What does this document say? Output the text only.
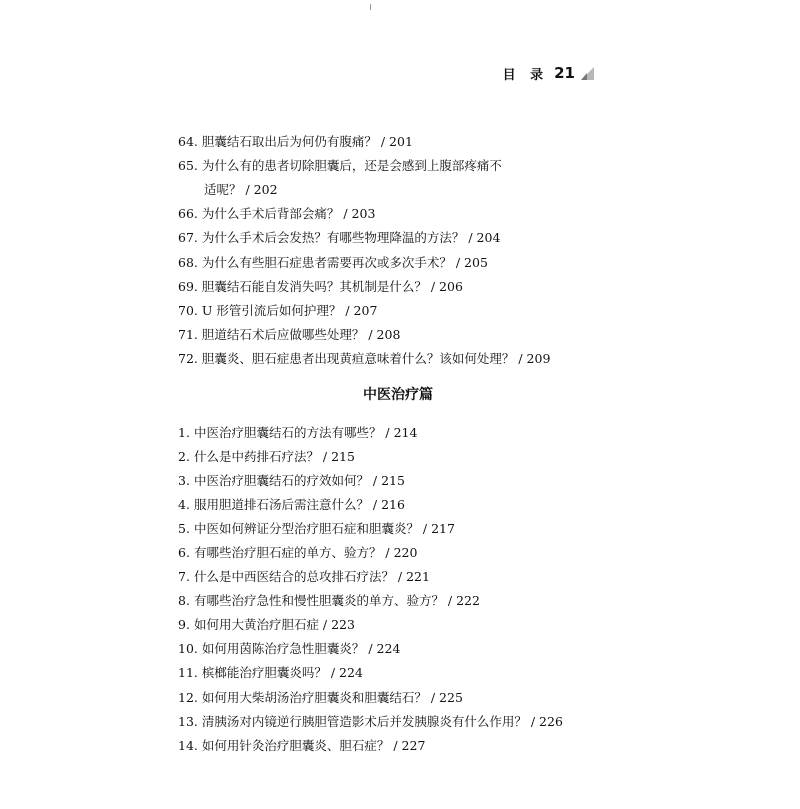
目 录 21
64. 胆囊结石取出后为何仍有腹痛？ / 201
65. 为什么有的患者切除胆囊后，还是会感到上腹部疼痛不
适呢？ / 202
66. 为什么手术后背部会痛？ / 203
67. 为什么手术后会发热？有哪些物理降温的方法？ / 204
68. 为什么有些胆石症患者需要再次或多次手术？ / 205
69. 胆囊结石能自发消失吗？其机制是什么？ / 206
70. U 形管引流后如何护理？ / 207
71. 胆道结石术后应做哪些处理？ / 208
72. 胆囊炎、胆石症患者出现黄疸意味着什么？该如何处理？ / 209
中医治疗篇
1. 中医治疗胆囊结石的方法有哪些？ / 214
2. 什么是中药排石疗法？ / 215
3. 中医治疗胆囊结石的疗效如何？ / 215
4. 服用胆道排石汤后需注意什么？ / 216
5. 中医如何辨证分型治疗胆石症和胆囊炎？ / 217
6. 有哪些治疗胆石症的单方、验方？ / 220
7. 什么是中西医结合的总攻排石疗法？ / 221
8. 有哪些治疗急性和慢性胆囊炎的单方、验方？ / 222
9. 如何用大黄治疗胆石症 / 223
10. 如何用茵陈治疗急性胆囊炎？ / 224
11. 槟榔能治疗胆囊炎吗？ / 224
12. 如何用大柴胡汤治疗胆囊炎和胆囊结石？ / 225
13. 清胰汤对内镜逆行胰胆管造影术后并发胰腺炎有什么作用？ / 226
14. 如何用针灸治疗胆囊炎、胆石症？ / 227
